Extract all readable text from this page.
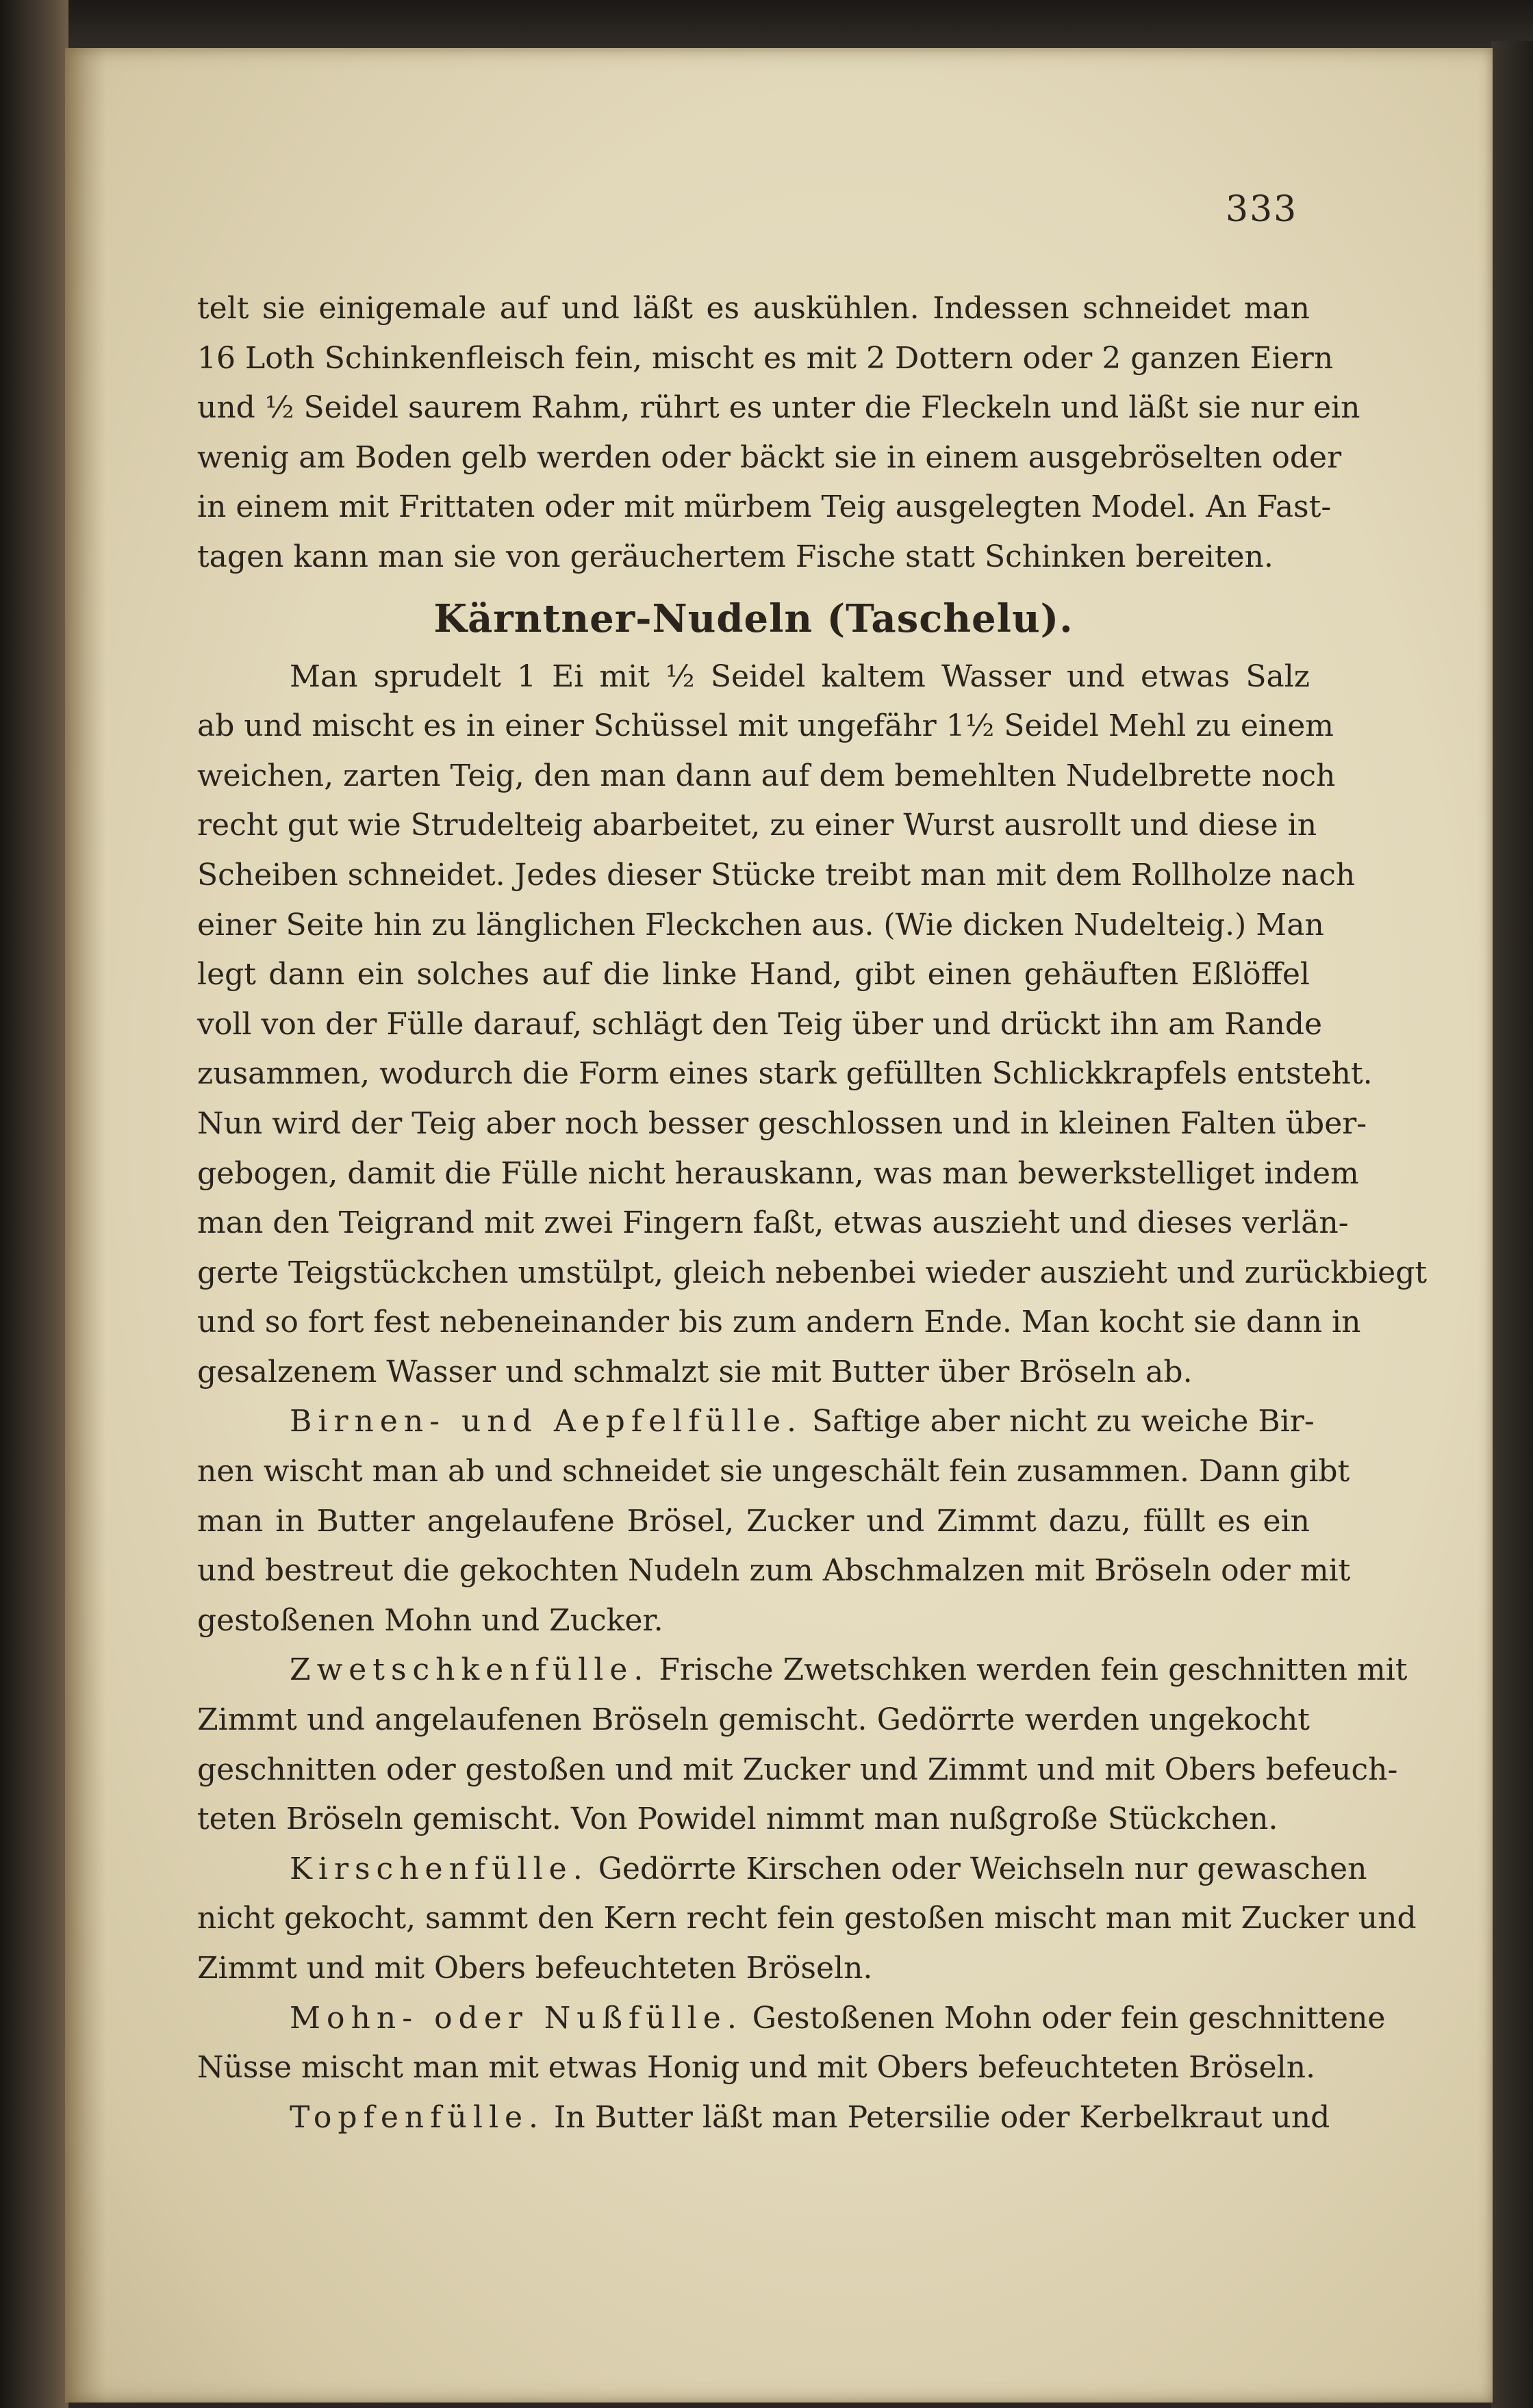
333
telt sie einigemale auf und läßt es auskühlen. Indessen schneidet man
16 Loth Schinkenfleisch fein, mischt es mit 2 Dottern oder 2 ganzen Eiern
und ½ Seidel saurem Rahm, rührt es unter die Fleckeln und läßt sie nur ein
wenig am Boden gelb werden oder bäckt sie in einem ausgebröselten oder
in einem mit Frittaten oder mit mürbem Teig ausgelegten Model. An Fast-
tagen kann man sie von geräuchertem Fische statt Schinken bereiten.
Kärntner-Nudeln (Taschelu).
Man sprudelt 1 Ei mit ½ Seidel kaltem Wasser und etwas Salz
ab und mischt es in einer Schüssel mit ungefähr 1½ Seidel Mehl zu einem
weichen, zarten Teig, den man dann auf dem bemehlten Nudelbrette noch
recht gut wie Strudelteig abarbeitet, zu einer Wurst ausrollt und diese in
Scheiben schneidet. Jedes dieser Stücke treibt man mit dem Rollholze nach
einer Seite hin zu länglichen Fleckchen aus. (Wie dicken Nudelteig.) Man
legt dann ein solches auf die linke Hand, gibt einen gehäuften Eßlöffel
voll von der Fülle darauf, schlägt den Teig über und drückt ihn am Rande
zusammen, wodurch die Form eines stark gefüllten Schlickkrapfels entsteht.
Nun wird der Teig aber noch besser geschlossen und in kleinen Falten über-
gebogen, damit die Fülle nicht herauskann, was man bewerkstelliget indem
man den Teigrand mit zwei Fingern faßt, etwas auszieht und dieses verlän-
gerte Teigstückchen umstülpt, gleich nebenbei wieder auszieht und zurückbiegt
und so fort fest nebeneinander bis zum andern Ende. Man kocht sie dann in
gesalzenem Wasser und schmalzt sie mit Butter über Bröseln ab.
Birnen- und Aepfelfülle. Saftige aber nicht zu weiche Bir-
nen wischt man ab und schneidet sie ungeschält fein zusammen. Dann gibt
man in Butter angelaufene Brösel, Zucker und Zimmt dazu, füllt es ein
und bestreut die gekochten Nudeln zum Abschmalzen mit Bröseln oder mit
gestoßenen Mohn und Zucker.
Zwetschkenfülle. Frische Zwetschken werden fein geschnitten mit
Zimmt und angelaufenen Bröseln gemischt. Gedörrte werden ungekocht
geschnitten oder gestoßen und mit Zucker und Zimmt und mit Obers befeuch-
teten Bröseln gemischt. Von Powidel nimmt man nußgroße Stückchen.
Kirschenfülle. Gedörrte Kirschen oder Weichseln nur gewaschen
nicht gekocht, sammt den Kern recht fein gestoßen mischt man mit Zucker und
Zimmt und mit Obers befeuchteten Bröseln.
Mohn- oder Nußfülle. Gestoßenen Mohn oder fein geschnittene
Nüsse mischt man mit etwas Honig und mit Obers befeuchteten Bröseln.
Topfenfülle. In Butter läßt man Petersilie oder Kerbelkraut und
